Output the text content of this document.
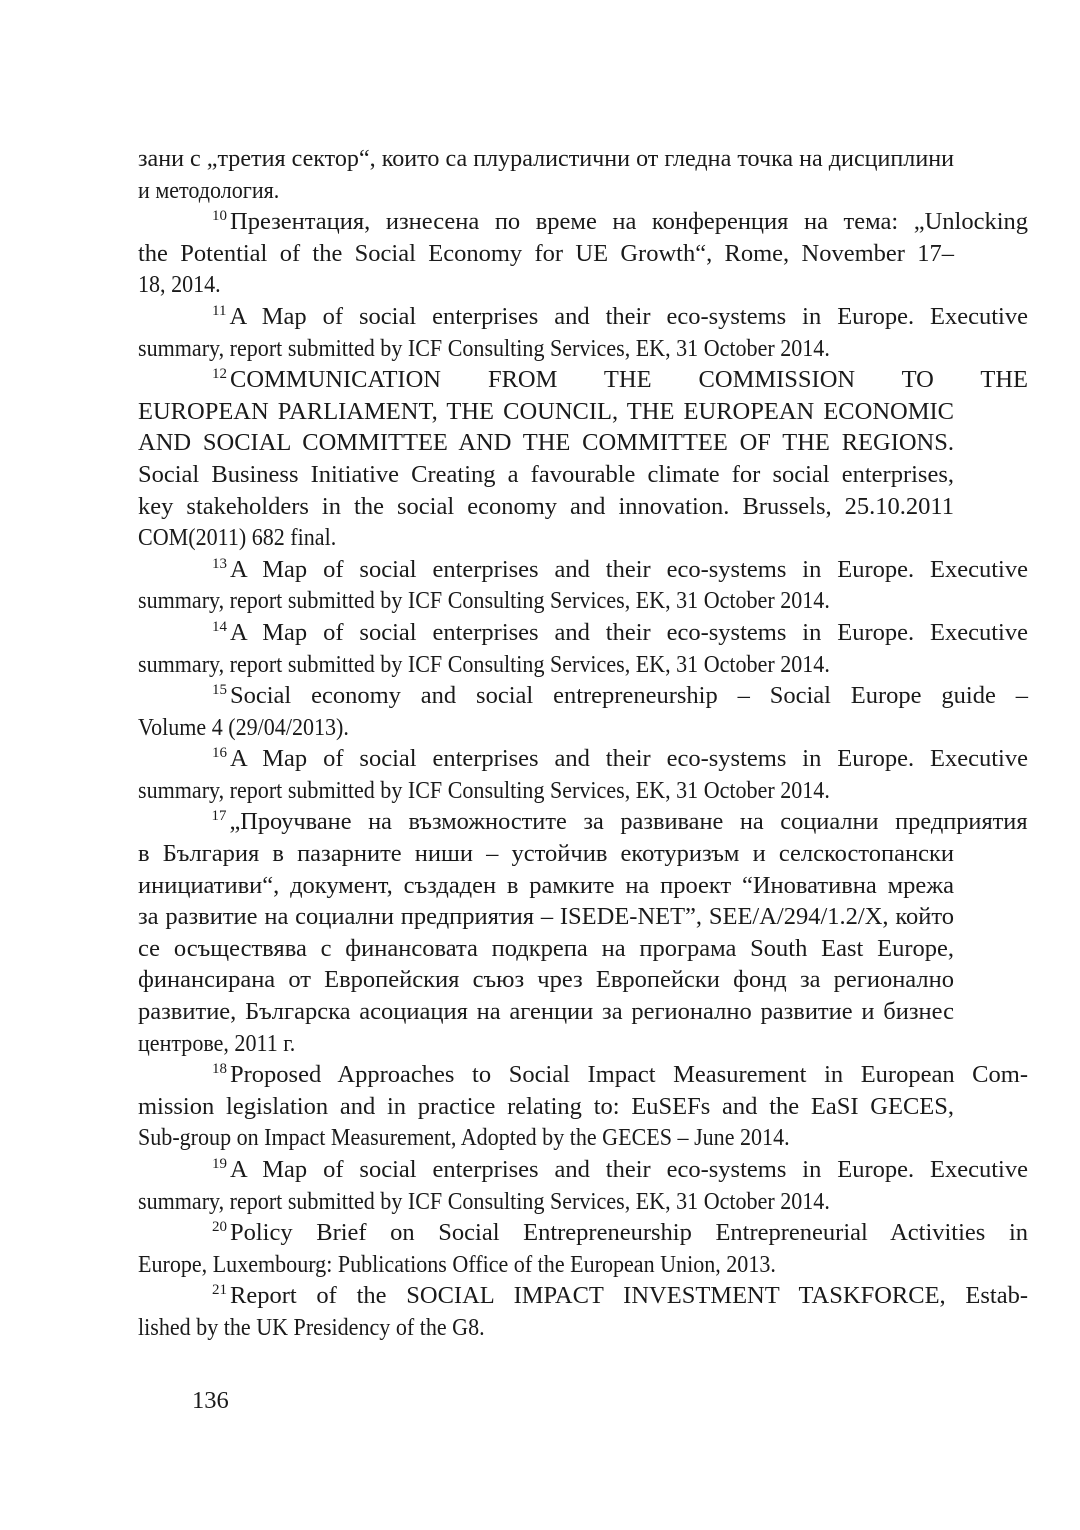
зани с „третия сектор“, които са плуралистични от гледна точка на дисциплини
и методология.
$^{10}$ Презентация, изнесена по време на конференция на тема: „Unlocking
the Potential of the Social Economy for UE Growth“, Rome, November 17–
18, 2014.
$^{11}$ A Map of social enterprises and their eco-systems in Europe. Executive
summary, report submitted by ICF Consulting Services, EK, 31 October 2014.
$^{12}$ COMMUNICATION FROM THE COMMISSION TO THE
EUROPEAN PARLIAMENT, THE COUNCIL, THE EUROPEAN ECONOMIC
AND SOCIAL COMMITTEE AND THE COMMITTEE OF THE REGIONS.
Social Business Initiative Creating a favourable climate for social enterprises,
key stakeholders in the social economy and innovation. Brussels, 25.10.2011
COM(2011) 682 final.
$^{13}$ A Map of social enterprises and their eco-systems in Europe. Executive
summary, report submitted by ICF Consulting Services, EK, 31 October 2014.
$^{14}$ A Map of social enterprises and their eco-systems in Europe. Executive
summary, report submitted by ICF Consulting Services, EK, 31 October 2014.
$^{15}$ Social economy and social entrepreneurship – Social Europe guide –
Volume 4 (29/04/2013).
$^{16}$ A Map of social enterprises and their eco-systems in Europe. Executive
summary, report submitted by ICF Consulting Services, EK, 31 October 2014.
$^{17}$ „Проучване на възможностите за развиване на социални предприятия
в България в пазарните ниши – устойчив екотуризъм и селскостопански
инициативи“, документ, създаден в рамките на проект “Иновативна мрежа
за развитие на социални предприятия – ISEDE-NET”, SEE/A/294/1.2/X, който
се осъществява с финансовата подкрепа на програма South East Europe,
финансирана от Европейския съюз чрез Европейски фонд за регионално
развитие, Българска асоциация на агенции за регионално развитие и бизнес
центрове, 2011 г.
$^{18}$ Proposed Approaches to Social Impact Measurement in European Com-
mission legislation and in practice relating to: EuSEFs and the EaSI GECES,
Sub-group on Impact Measurement, Adopted by the GECES – June 2014.
$^{19}$ A Map of social enterprises and their eco-systems in Europe. Executive
summary, report submitted by ICF Consulting Services, EK, 31 October 2014.
$^{20}$ Policy Brief on Social Entrepreneurship Entrepreneurial Activities in
Europe, Luxembourg: Publications Office of the European Union, 2013.
$^{21}$ Report of the SOCIAL IMPACT INVESTMENT TASKFORCE, Estab-
lished by the UK Presidency of the G8.
136
